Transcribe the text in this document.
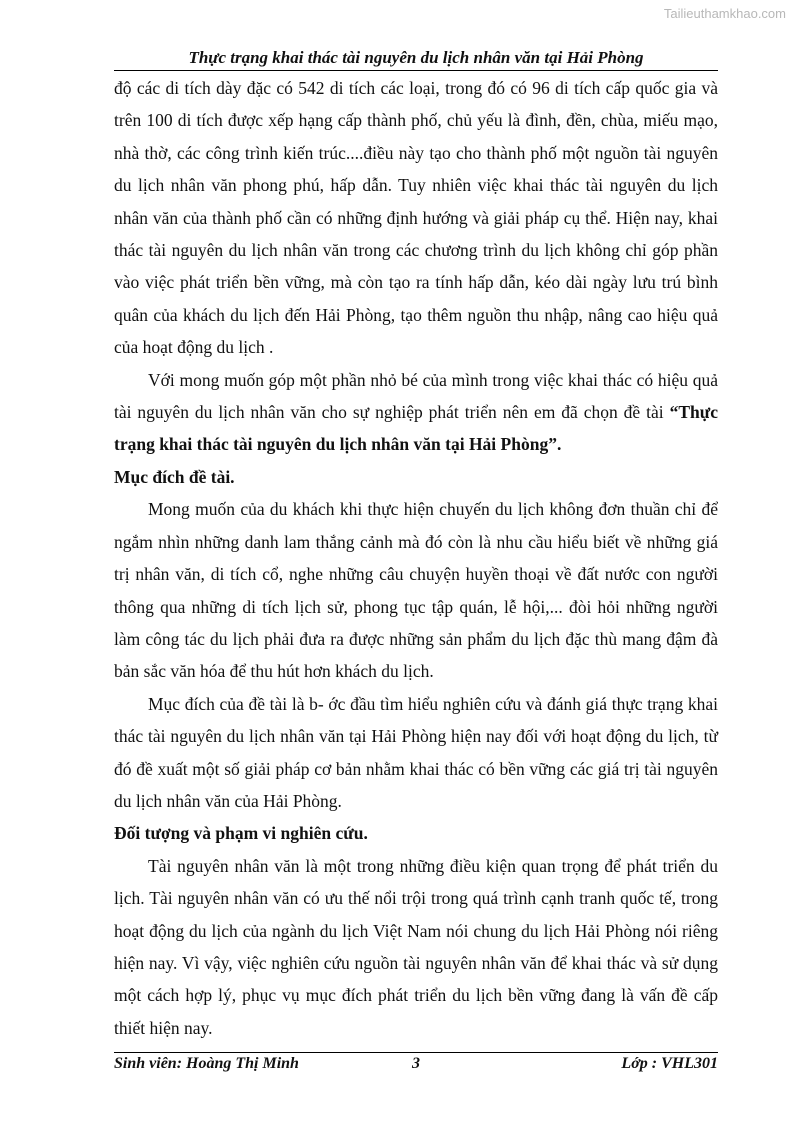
Tailieuthamkhao.com
Thực trạng khai thác tài nguyên du lịch nhân văn tại Hải Phòng

độ các di tích dày đặc có 542 di tích các loại, trong đó có 96 di tích cấp quốc gia và trên 100 di tích được xếp hạng cấp thành phố, chủ yếu là đình, đền, chùa, miếu mạo, nhà thờ, các công trình kiến trúc....điều này tạo cho thành phố một nguồn tài nguyên du lịch nhân văn phong phú, hấp dẫn. Tuy nhiên việc khai thác tài nguyên du lịch nhân văn của thành phố cần có những định hướng và giải pháp cụ thể. Hiện nay, khai thác tài nguyên du lịch nhân văn trong các chương trình du lịch không chỉ góp phần vào việc phát triển bền vững, mà còn tạo ra tính hấp dẫn, kéo dài ngày lưu trú bình quân của khách du lịch đến Hải Phòng, tạo thêm nguồn thu nhập, nâng cao hiệu quả của hoạt động du lịch .

Với mong muốn góp một phần nhỏ bé của mình trong việc khai thác có hiệu quả tài nguyên du lịch nhân văn cho sự nghiệp phát triển nên em đã chọn đề tài “Thực trạng khai thác tài nguyên du lịch nhân văn tại Hải Phòng”.

Mục đích đề tài.

Mong muốn của du khách khi thực hiện chuyến du lịch không đơn thuần chỉ để ngắm nhìn những danh lam thắng cảnh mà đó còn là nhu cầu hiểu biết về những giá trị nhân văn, di tích cổ, nghe những câu chuyện huyền thoại về đất nước con người thông qua những di tích lịch sử, phong tục tập quán, lễ hội,... đòi hỏi những người làm công tác du lịch phải đưa ra được những sản phẩm du lịch đặc thù mang đậm đà bản sắc văn hóa để thu hút hơn khách du lịch.

Mục đích của đề tài là b- ớc đầu tìm hiểu nghiên cứu và đánh giá thực trạng khai thác tài nguyên du lịch nhân văn tại Hải Phòng hiện nay đối với hoạt động du lịch, từ đó đề xuất một số giải pháp cơ bản nhằm khai thác có bền vững các giá trị tài nguyên du lịch nhân văn của Hải Phòng.

Đối tượng và phạm vi nghiên cứu.

Tài nguyên nhân văn là một trong những điều kiện quan trọng để phát triển du lịch. Tài nguyên nhân văn có ưu thế nổi trội trong quá trình cạnh tranh quốc tế, trong hoạt động du lịch của ngành du lịch Việt Nam nói chung du lịch Hải Phòng nói riêng hiện nay. Vì vậy, việc nghiên cứu nguồn tài nguyên nhân văn để khai thác và sử dụng một cách hợp lý, phục vụ mục đích phát triển du lịch bền vững đang là vấn đề cấp thiết hiện nay.

Sinh viên: Hoàng Thị Minh	3	Lớp : VHL301
